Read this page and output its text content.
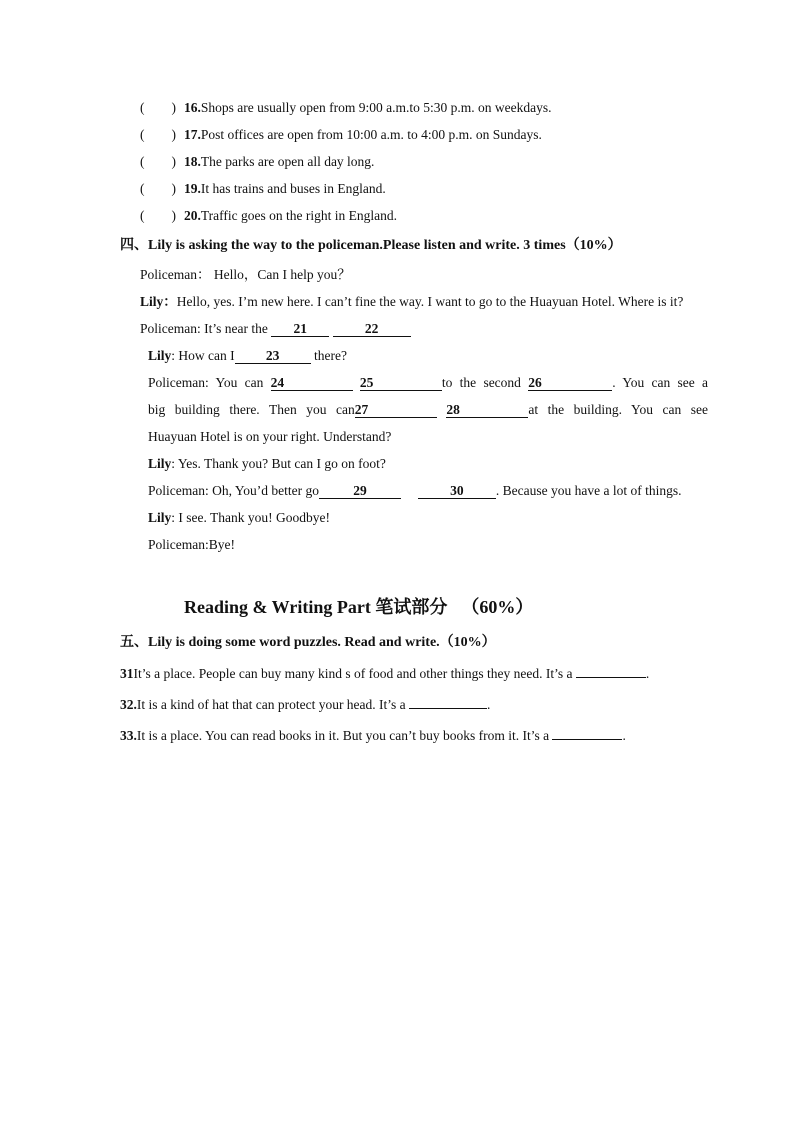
(　　) 16.Shops are usually open from 9:00 a.m.to 5:30 p.m. on weekdays.
(　　) 17.Post offices are open from 10:00 a.m. to 4:00 p.m. on Sundays.
(　　) 18.The parks are open all day long.
(　　) 19.It has trains and buses in England.
(　　) 20.Traffic goes on the right in England.
四、Lily is asking the way to the policeman.Please listen and write. 3 times（10%）
Policeman： Hello，Can I help you？
Lily：Hello, yes. I’m new here. I can’t fine the way. I want to go to the Huayuan Hotel. Where is it?
Policeman: It’s near the 21	22
Lily: How can I 23 there?
Policeman: You can 24	25	to the second 26	. You can see a
big building there. Then you can27	28	at the building. You can see
Huayuan Hotel is on your right. Understand?
Lily: Yes. Thank you? But can I go on foot?
Policeman: Oh, You’d better go	29	30 . Because you have a lot of things.
Lily: I see. Thank you! Goodbye!
Policeman:Bye!
Reading & Writing Part 笔试部分 （60%）
五、Lily is doing some word puzzles. Read and write.（10%）
31It’s a place. People can buy many kind s of food and other things they need. It’s a	.
32.It is a kind of hat that can protect your head. It’s a	.
33.It is a place. You can read books in it. But you can’t buy books from it. It’s a	.
